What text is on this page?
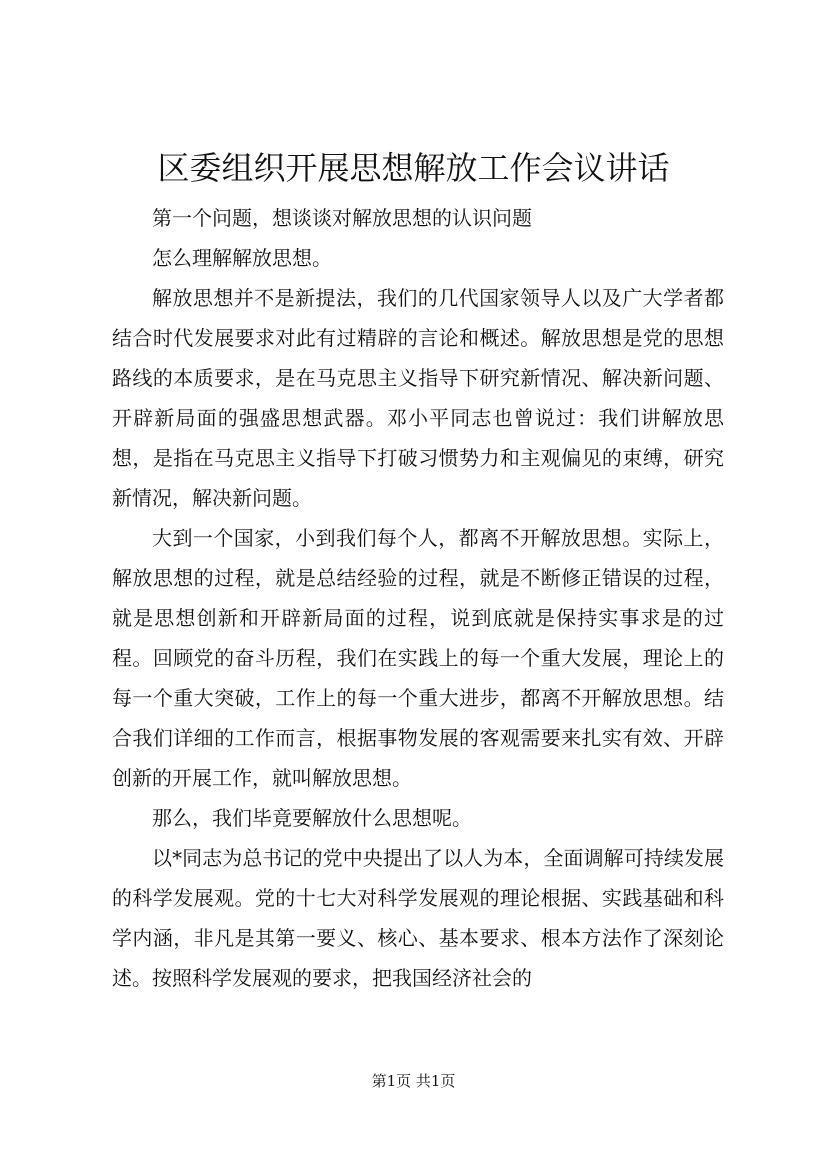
区委组织开展思想解放工作会议讲话

第一个问题，想谈谈对解放思想的认识问题

怎么理解解放思想。

解放思想并不是新提法，我们的几代国家领导人以及广大学者都结合时代发展要求对此有过精辟的言论和概述。解放思想是党的思想路线的本质要求，是在马克思主义指导下研究新情况、解决新问题、开辟新局面的强盛思想武器。邓小平同志也曾说过：我们讲解放思想，是指在马克思主义指导下打破习惯势力和主观偏见的束缚，研究新情况，解决新问题。

大到一个国家，小到我们每个人，都离不开解放思想。实际上，解放思想的过程，就是总结经验的过程，就是不断修正错误的过程，就是思想创新和开辟新局面的过程，说到底就是保持实事求是的过程。回顾党的奋斗历程，我们在实践上的每一个重大发展，理论上的每一个重大突破，工作上的每一个重大进步，都离不开解放思想。结合我们详细的工作而言，根据事物发展的客观需要来扎实有效、开辟创新的开展工作，就叫解放思想。

那么，我们毕竟要解放什么思想呢。

以*同志为总书记的党中央提出了以人为本，全面调解可持续发展的科学发展观。党的十七大对科学发展观的理论根据、实践基础和科学内涵，非凡是其第一要义、核心、基本要求、根本方法作了深刻论述。按照科学发展观的要求，把我国经济社会的

第1页 共1页
